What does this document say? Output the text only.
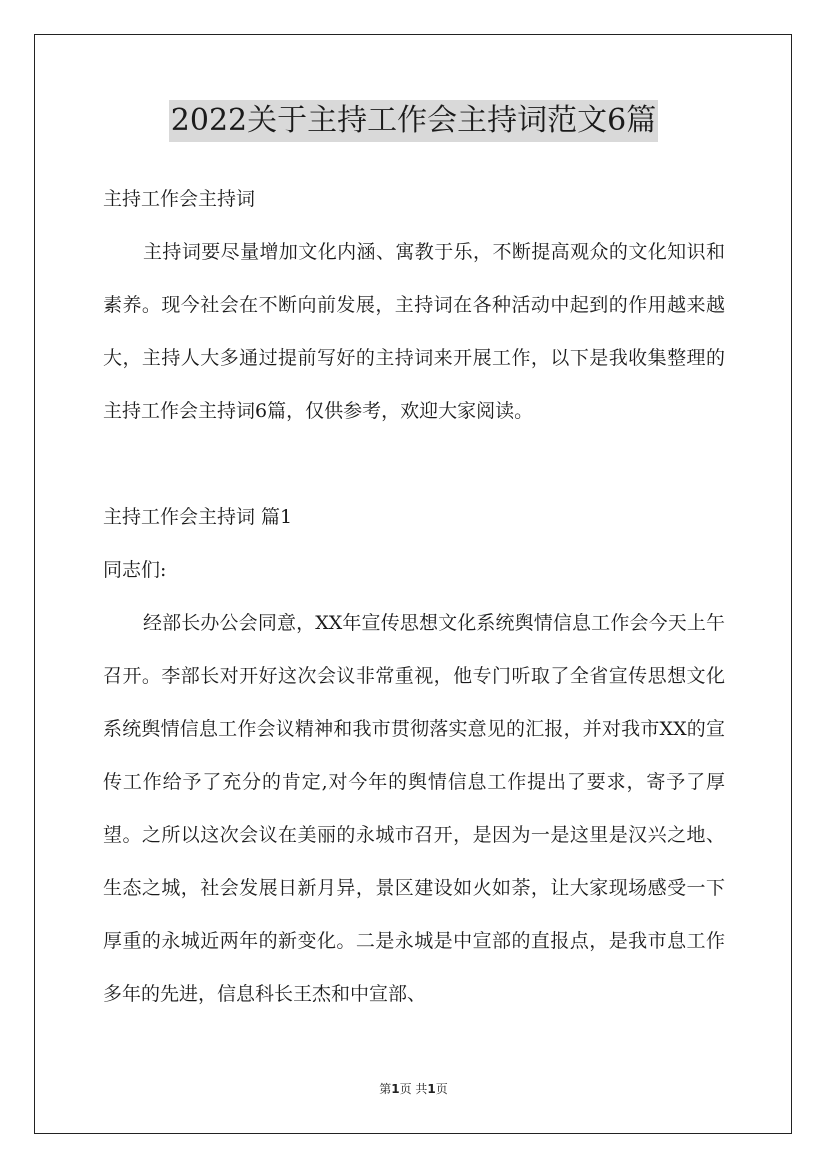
2022关于主持工作会主持词范文6篇

主持工作会主持词

主持词要尽量增加文化内涵、寓教于乐，不断提高观众的文化知识和素养。现今社会在不断向前发展，主持词在各种活动中起到的作用越来越大，主持人大多通过提前写好的主持词来开展工作，以下是我收集整理的主持工作会主持词6篇，仅供参考，欢迎大家阅读。

主持工作会主持词 篇1

同志们:

经部长办公会同意，XX年宣传思想文化系统舆情信息工作会今天上午召开。李部长对开好这次会议非常重视，他专门听取了全省宣传思想文化系统舆情信息工作会议精神和我市贯彻落实意见的汇报，并对我市XX的宣传工作给予了充分的肯定,对今年的舆情信息工作提出了要求，寄予了厚望。之所以这次会议在美丽的永城市召开，是因为一是这里是汉兴之地、生态之城，社会发展日新月异，景区建设如火如荼，让大家现场感受一下厚重的永城近两年的新变化。二是永城是中宣部的直报点，是我市息工作多年的先进，信息科长王杰和中宣部、

第1页 共1页
